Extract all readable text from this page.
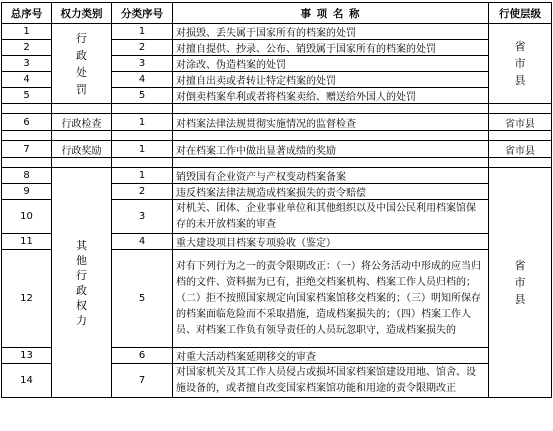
总序号	权力类别	分类序号	事 项 名 称	行使层级
1	行政处罚	1	对损毁、丢失属于国家所有的档案的处罚	省市县

2		2	对擅自提供、抄录、公布、销毁属于国家所有的档案的处罚	
3		3	对涂改、伪造档案的处罚	
4		4	对擅自出卖或者转让特定档案的处罚	
5		5	对倒卖档案牟利或者将档案卖给、赠送给外国人的处罚	

6	行政检查	1	对档案法律法规贯彻实施情况的监督检查	省市县

7	行政奖励	1	对在档案工作中做出显著成绩的奖励	省市县

8	其他行政权力	1	销毁国有企业资产与产权变动档案备案	省市县

9		2	违反档案法律法规造成档案损失的责令赔偿	
10		3	对机关、团体、企业事业单位和其他组织以及中国公民利用档案馆保存的未开放档案的审查	
11		4	重大建设项目档案专项验收（鉴定）	
12		5	对有下列行为之一的责令限期改正：（一）将公务活动中形成的应当归档的文件、资料据为已有，拒绝交档案机构、档案工作人员归档的；（二）拒不按照国家规定向国家档案馆移交档案的；（三）明知所保存的档案面临危险而不采取措施，造成档案损失的；（四）档案工作人员、对档案工作负有领导责任的人员玩忽职守，造成档案损失的	
13		6	对重大活动档案延期移交的审查	
14		7	对国家机关及其工作人员侵占或损坏国家档案馆建设用地、馆舍、设施设备的，或者擅自改变国家档案馆功能和用途的责令限期改正	
